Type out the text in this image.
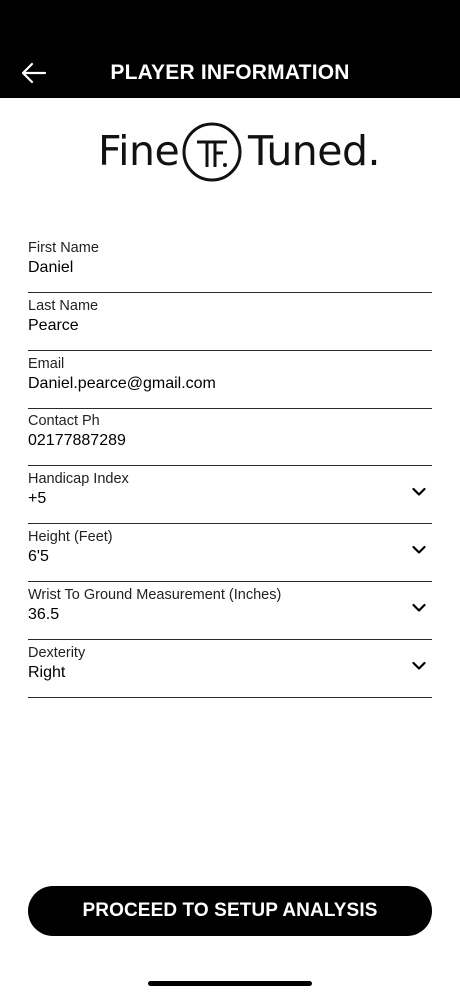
PLAYER INFORMATION
Fine Tuned.
First Name
Daniel
Last Name
Pearce
Email
Daniel.pearce@gmail.com
Contact Ph
02177887289
Handicap Index
+5
Height (Feet)
6'5
Wrist To Ground Measurement (Inches)
36.5
Dexterity
Right
PROCEED TO SETUP ANALYSIS
